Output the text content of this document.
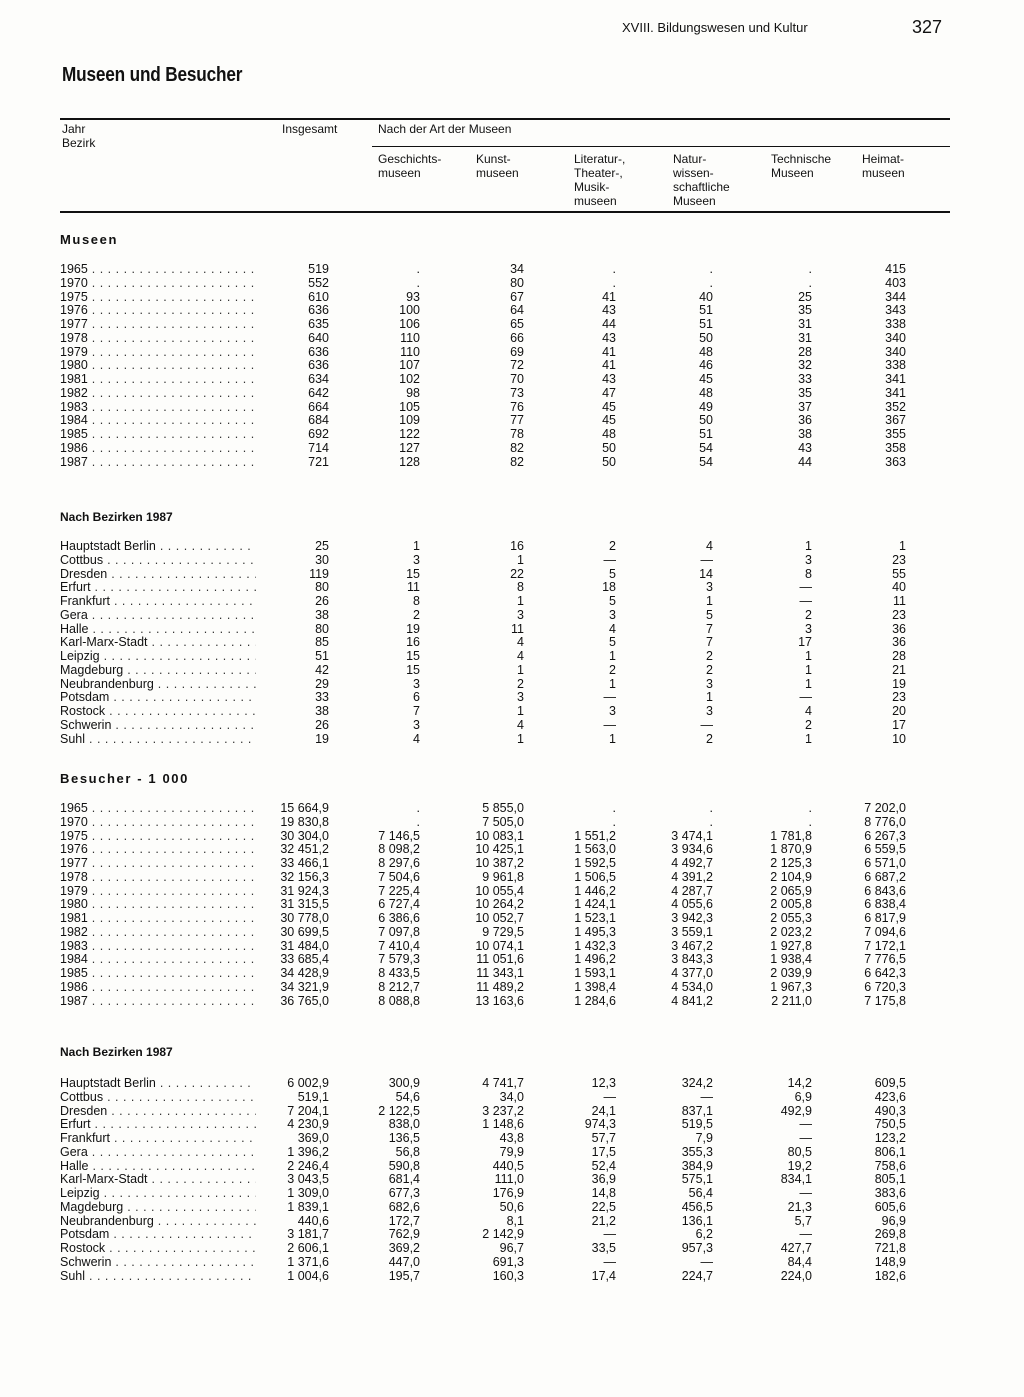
XVIII. Bildungswesen und Kultur	327
Museen und Besucher
Jahr
Bezirk
Insgesamt	Nach der Art der Museen
Geschichts-
museen
Kunst-
museen
Literatur-,
Theater-,
Musik-
museen
Natur-
wissen-
schaftliche
Museen
Technische
Museen
Heimat-
museen
Museen
Nach Bezirken 1987
Besucher - 1 000
Nach Bezirken 1987
1965 . . .	519	.	34	.	.	.	415
1970 . . .	552	.	80	.	.	.	403
1975 . . .	610	93	67	41	40	25	344
1976 . . .	636	100	64	43	51	35	343
1977 . . .	635	106	65	44	51	31	338
1978 . . .	640	110	66	43	50	31	340
1979 . . .	636	110	69	41	48	28	340
1980 . . .	636	107	72	41	46	32	338
1981 . . .	634	102	70	43	45	33	341
1982 . . .	642	98	73	47	48	35	341
1983 . . .	664	105	76	45	49	37	352
1984 . . .	684	109	77	45	50	36	367
1985 . . .	692	122	78	48	51	38	355
1986 . . .	714	127	82	50	54	43	358
1987 . . .	721	128	82	50	54	44	363
Hauptstadt Berlin . . .	25	1	16	2	4	1	1
Cottbus . . .	30	3	1	—	—	3	23
Dresden . . .	119	15	22	5	14	8	55
Erfurt . . .	80	11	8	18	3	—	40
Frankfurt . . .	26	8	1	5	1	—	11
Gera . . .	38	2	3	3	5	2	23
Halle . . .	80	19	11	4	7	3	36
Karl-Marx-Stadt . . .	85	16	4	5	7	17	36
Leipzig . . .	51	15	4	1	2	1	28
Magdeburg . . .	42	15	1	2	2	1	21
Neubrandenburg . . .	29	3	2	1	3	1	19
Potsdam . . .	33	6	3	—	1	—	23
Rostock . . .	38	7	1	3	3	4	20
Schwerin . . .	26	3	4	—	—	2	17
Suhl . . .	19	4	1	1	2	1	10
1965 . . .	15 664,9	.	5 855,0	.	.	.	7 202,0
1970 . . .	19 830,8	.	7 505,0	.	.	.	8 776,0
1975 . . .	30 304,0	7 146,5	10 083,1	1 551,2	3 474,1	1 781,8	6 267,3
1976 . . .	32 451,2	8 098,2	10 425,1	1 563,0	3 934,6	1 870,9	6 559,5
1977 . . .	33 466,1	8 297,6	10 387,2	1 592,5	4 492,7	2 125,3	6 571,0
1978 . . .	32 156,3	7 504,6	9 961,8	1 506,5	4 391,2	2 104,9	6 687,2
1979 . . .	31 924,3	7 225,4	10 055,4	1 446,2	4 287,7	2 065,9	6 843,6
1980 . . .	31 315,5	6 727,4	10 264,2	1 424,1	4 055,6	2 005,8	6 838,4
1981 . . .	30 778,0	6 386,6	10 052,7	1 523,1	3 942,3	2 055,3	6 817,9
1982 . . .	30 699,5	7 097,8	9 729,5	1 495,3	3 559,1	2 023,2	7 094,6
1983 . . .	31 484,0	7 410,4	10 074,1	1 432,3	3 467,2	1 927,8	7 172,1
1984 . . .	33 685,4	7 579,3	11 051,6	1 496,2	3 843,3	1 938,4	7 776,5
1985 . . .	34 428,9	8 433,5	11 343,1	1 593,1	4 377,0	2 039,9	6 642,3
1986 . . .	34 321,9	8 212,7	11 489,2	1 398,4	4 534,0	1 967,3	6 720,3
1987 . . .	36 765,0	8 088,8	13 163,6	1 284,6	4 841,2	2 211,0	7 175,8
Hauptstadt Berlin . . .	6 002,9	300,9	4 741,7	12,3	324,2	14,2	609,5
Cottbus . . .	519,1	54,6	34,0	—	—	6,9	423,6
Dresden . . .	7 204,1	2 122,5	3 237,2	24,1	837,1	492,9	490,3
Erfurt . . .	4 230,9	838,0	1 148,6	974,3	519,5	—	750,5
Frankfurt . . .	369,0	136,5	43,8	57,7	7,9	—	123,2
Gera . . .	1 396,2	56,8	79,9	17,5	355,3	80,5	806,1
Halle . . .	2 246,4	590,8	440,5	52,4	384,9	19,2	758,6
Karl-Marx-Stadt . . .	3 043,5	681,4	111,0	36,9	575,1	834,1	805,1
Leipzig . . .	1 309,0	677,3	176,9	14,8	56,4	—	383,6
Magdeburg . . .	1 839,1	682,6	50,6	22,5	456,5	21,3	605,6
Neubrandenburg . . .	440,6	172,7	8,1	21,2	136,1	5,7	96,9
Potsdam . . .	3 181,7	762,9	2 142,9	—	6,2	—	269,8
Rostock . . .	2 606,1	369,2	96,7	33,5	957,3	427,7	721,8
Schwerin . . .	1 371,6	447,0	691,3	—	—	84,4	148,9
Suhl . . .	1 004,6	195,7	160,3	17,4	224,7	224,0	182,6
